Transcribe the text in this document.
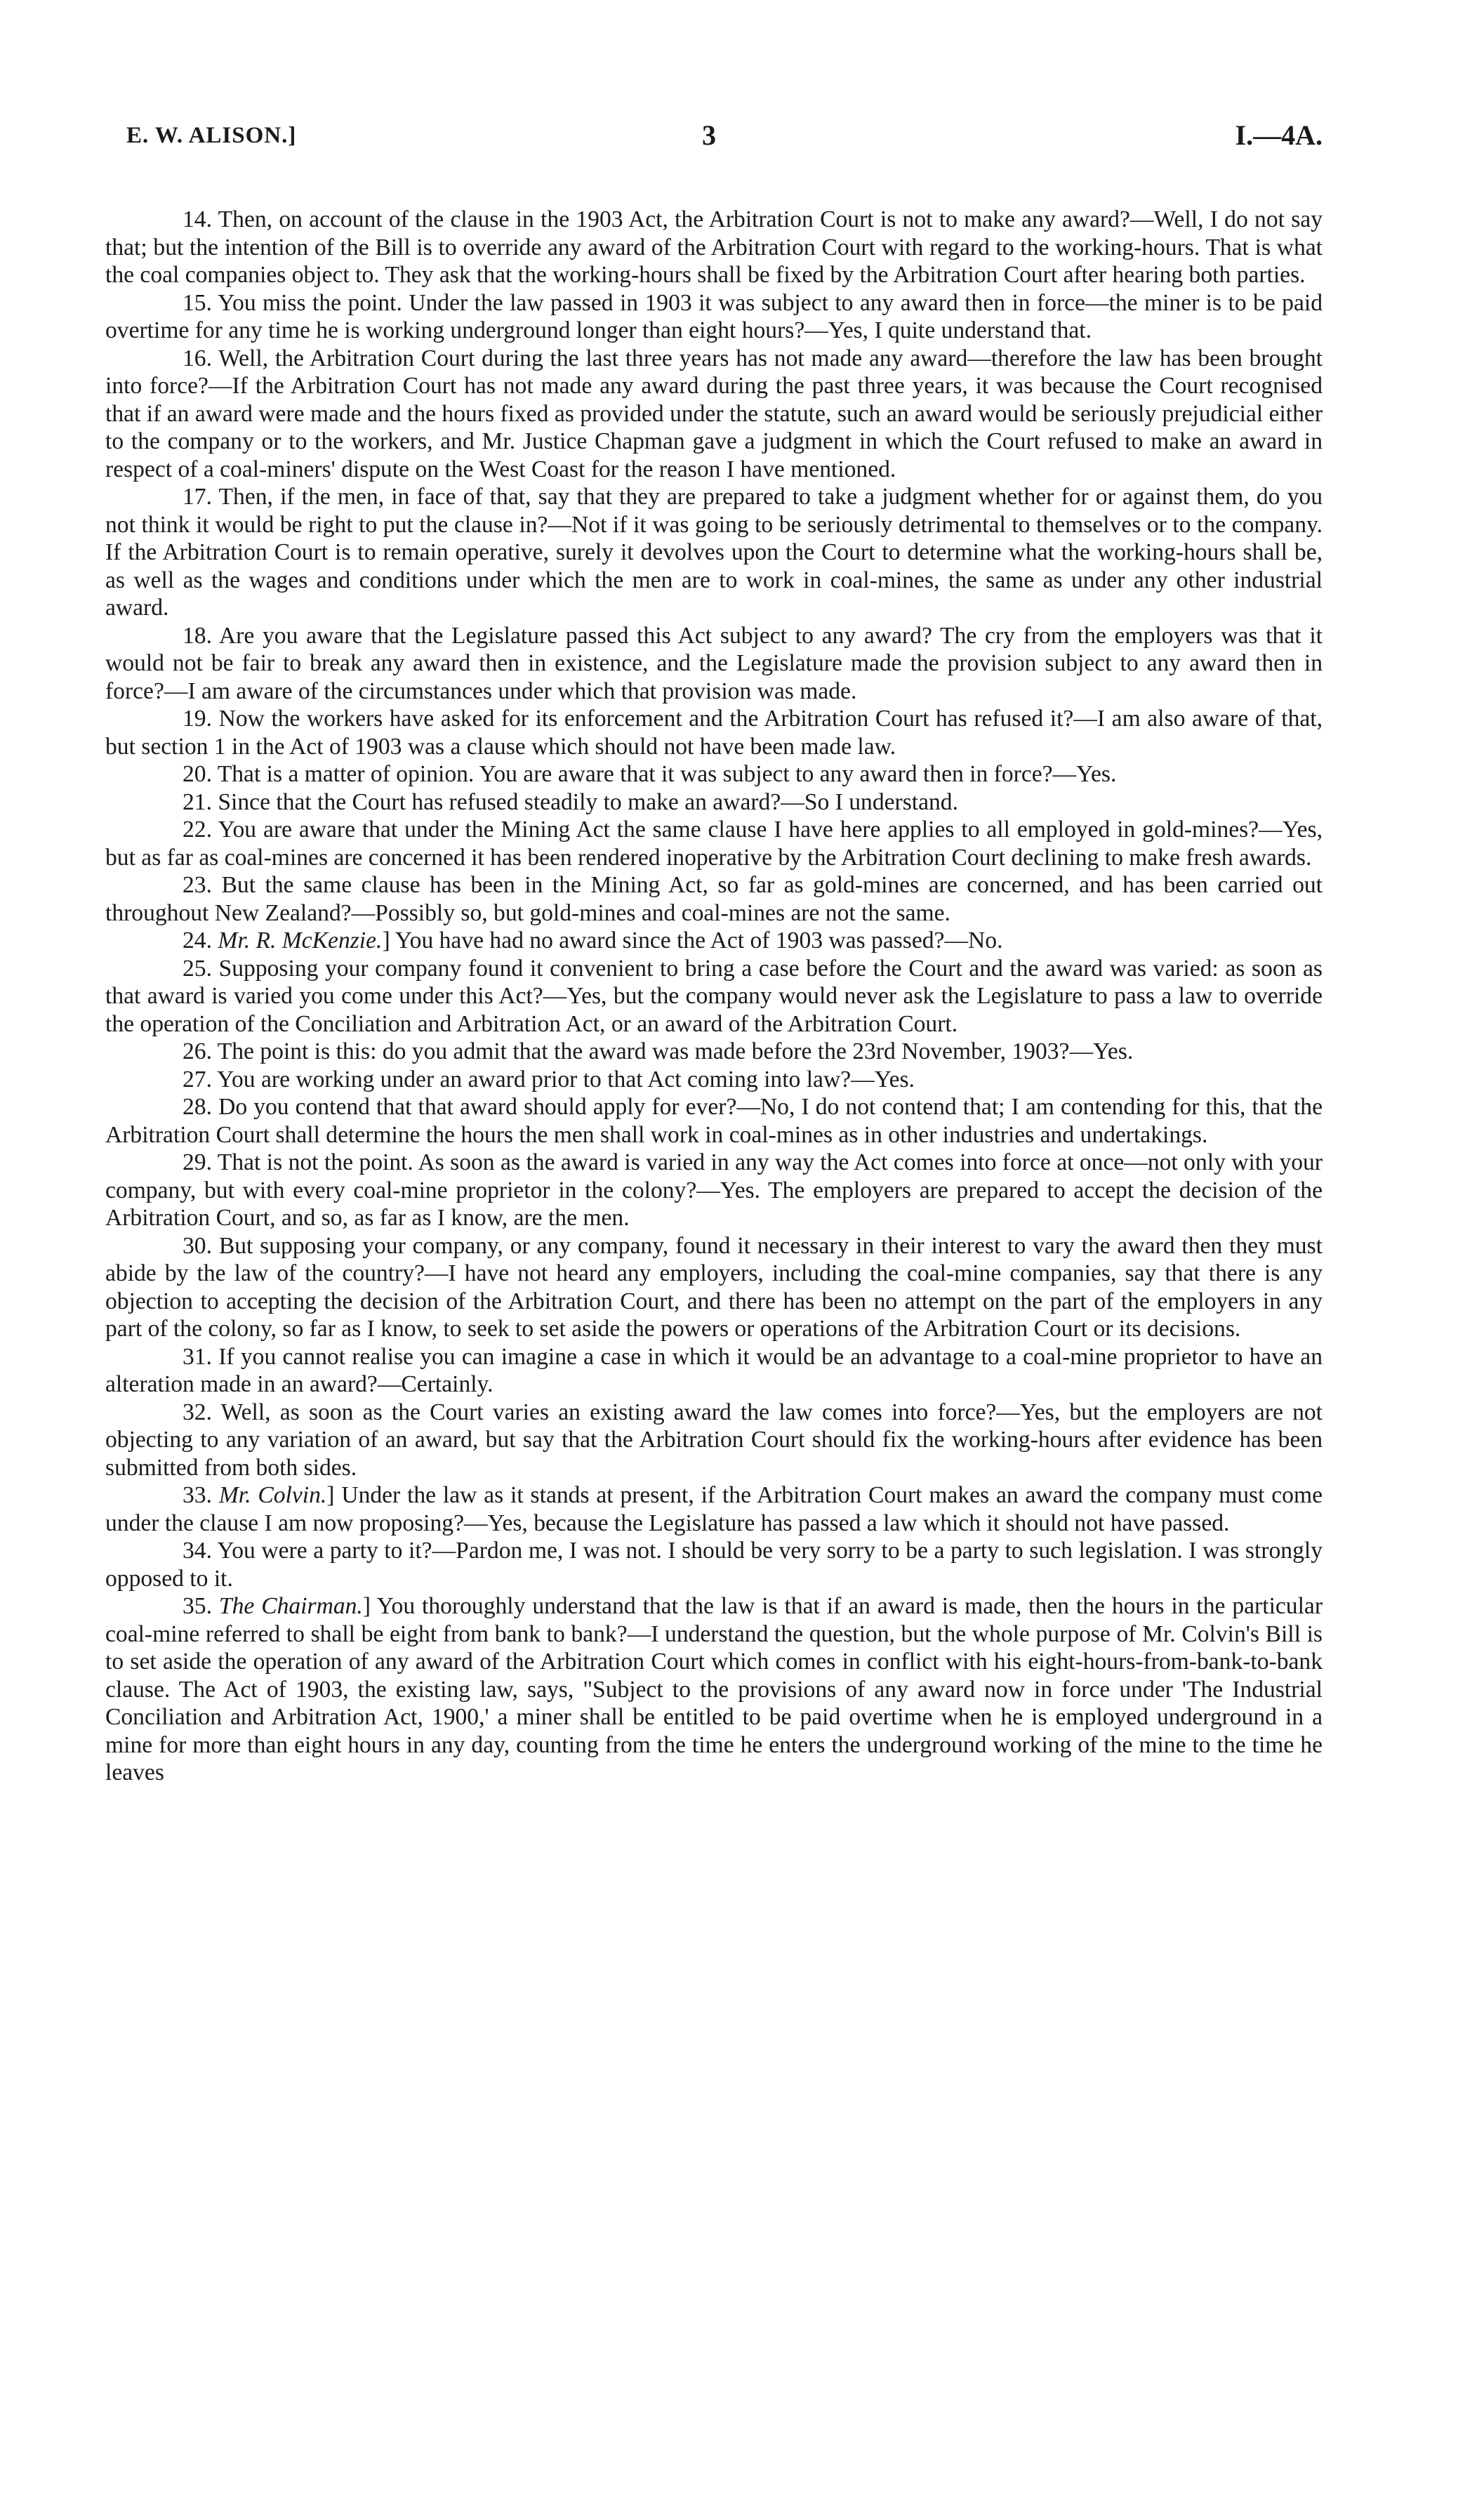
E. W. ALISON.]	3	I.—4A.

14. Then, on account of the clause in the 1903 Act, the Arbitration Court is not to make any award?—Well, I do not say that; but the intention of the Bill is to override any award of the Arbitration Court with regard to the working-hours. That is what the coal companies object to. They ask that the working-hours shall be fixed by the Arbitration Court after hearing both parties.

15. You miss the point. Under the law passed in 1903 it was subject to any award then in force—the miner is to be paid overtime for any time he is working underground longer than eight hours?—Yes, I quite understand that.

16. Well, the Arbitration Court during the last three years has not made any award—therefore the law has been brought into force?—If the Arbitration Court has not made any award during the past three years, it was because the Court recognised that if an award were made and the hours fixed as provided under the statute, such an award would be seriously prejudicial either to the company or to the workers, and Mr. Justice Chapman gave a judgment in which the Court refused to make an award in respect of a coal-miners' dispute on the West Coast for the reason I have mentioned.

17. Then, if the men, in face of that, say that they are prepared to take a judgment whether for or against them, do you not think it would be right to put the clause in?—Not if it was going to be seriously detrimental to themselves or to the company. If the Arbitration Court is to remain operative, surely it devolves upon the Court to determine what the working-hours shall be, as well as the wages and conditions under which the men are to work in coal-mines, the same as under any other industrial award.

18. Are you aware that the Legislature passed this Act subject to any award? The cry from the employers was that it would not be fair to break any award then in existence, and the Legislature made the provision subject to any award then in force?—I am aware of the circumstances under which that provision was made.

19. Now the workers have asked for its enforcement and the Arbitration Court has refused it?—I am also aware of that, but section 1 in the Act of 1903 was a clause which should not have been made law.

20. That is a matter of opinion. You are aware that it was subject to any award then in force?—Yes.

21. Since that the Court has refused steadily to make an award?—So I understand.

22. You are aware that under the Mining Act the same clause I have here applies to all employed in gold-mines?—Yes, but as far as coal-mines are concerned it has been rendered inoperative by the Arbitration Court declining to make fresh awards.

23. But the same clause has been in the Mining Act, so far as gold-mines are concerned, and has been carried out throughout New Zealand?—Possibly so, but gold-mines and coal-mines are not the same.

24. Mr. R. McKenzie.] You have had no award since the Act of 1903 was passed?—No.

25. Supposing your company found it convenient to bring a case before the Court and the award was varied: as soon as that award is varied you come under this Act?—Yes, but the company would never ask the Legislature to pass a law to override the operation of the Conciliation and Arbitration Act, or an award of the Arbitration Court.

26. The point is this: do you admit that the award was made before the 23rd November, 1903?—Yes.

27. You are working under an award prior to that Act coming into law?—Yes.

28. Do you contend that that award should apply for ever?—No, I do not contend that; I am contending for this, that the Arbitration Court shall determine the hours the men shall work in coal-mines as in other industries and undertakings.

29. That is not the point. As soon as the award is varied in any way the Act comes into force at once—not only with your company, but with every coal-mine proprietor in the colony?—Yes. The employers are prepared to accept the decision of the Arbitration Court, and so, as far as I know, are the men.

30. But supposing your company, or any company, found it necessary in their interest to vary the award then they must abide by the law of the country?—I have not heard any employers, including the coal-mine companies, say that there is any objection to accepting the decision of the Arbitration Court, and there has been no attempt on the part of the employers in any part of the colony, so far as I know, to seek to set aside the powers or operations of the Arbitration Court or its decisions.

31. If you cannot realise you can imagine a case in which it would be an advantage to a coal-mine proprietor to have an alteration made in an award?—Certainly.

32. Well, as soon as the Court varies an existing award the law comes into force?—Yes, but the employers are not objecting to any variation of an award, but say that the Arbitration Court should fix the working-hours after evidence has been submitted from both sides.

33. Mr. Colvin.] Under the law as it stands at present, if the Arbitration Court makes an award the company must come under the clause I am now proposing?—Yes, because the Legislature has passed a law which it should not have passed.

34. You were a party to it?—Pardon me, I was not. I should be very sorry to be a party to such legislation. I was strongly opposed to it.

35. The Chairman.] You thoroughly understand that the law is that if an award is made, then the hours in the particular coal-mine referred to shall be eight from bank to bank?—I understand the question, but the whole purpose of Mr. Colvin's Bill is to set aside the operation of any award of the Arbitration Court which comes in conflict with his eight-hours-from-bank-to-bank clause. The Act of 1903, the existing law, says, "Subject to the provisions of any award now in force under 'The Industrial Conciliation and Arbitration Act, 1900,' a miner shall be entitled to be paid overtime when he is employed underground in a mine for more than eight hours in any day, counting from the time he enters the underground working of the mine to the time he leaves
